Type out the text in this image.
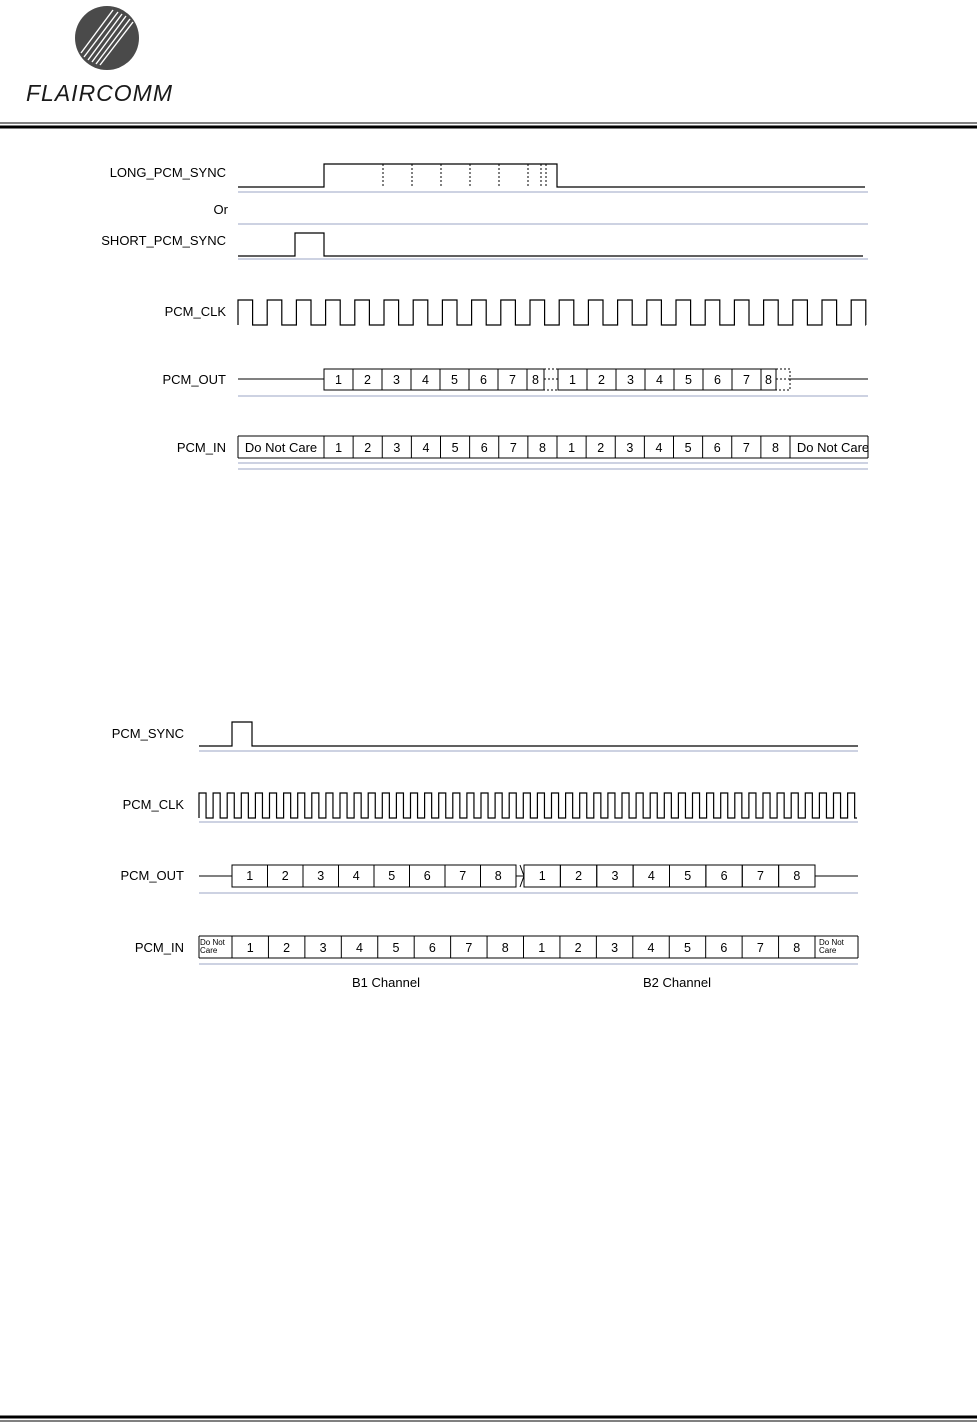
FLAIRCOMM
LONG_PCM_SYNC
Or
SHORT_PCM_SYNC
PCM_CLK
PCM_OUT
PCM_IN
1 2 3 4 5 6 7 8 1 2 3 4 5 6 7 8
1 2 3 4 5 6 7 8 1 2 3 4 5 6 7 8
Do Not Care	Do Not Care
PCM_SYNC
PCM_CLK
PCM_OUT
PCM_IN
1 2 3 4 5 6 7 8	1 2 3 4 5 6 7 8
1 2 3 4 5 6 7 8 1 2 3 4 5 6 7 8
Do Not
Care
Do Not
Care
B1 Channel	B2 Channel
